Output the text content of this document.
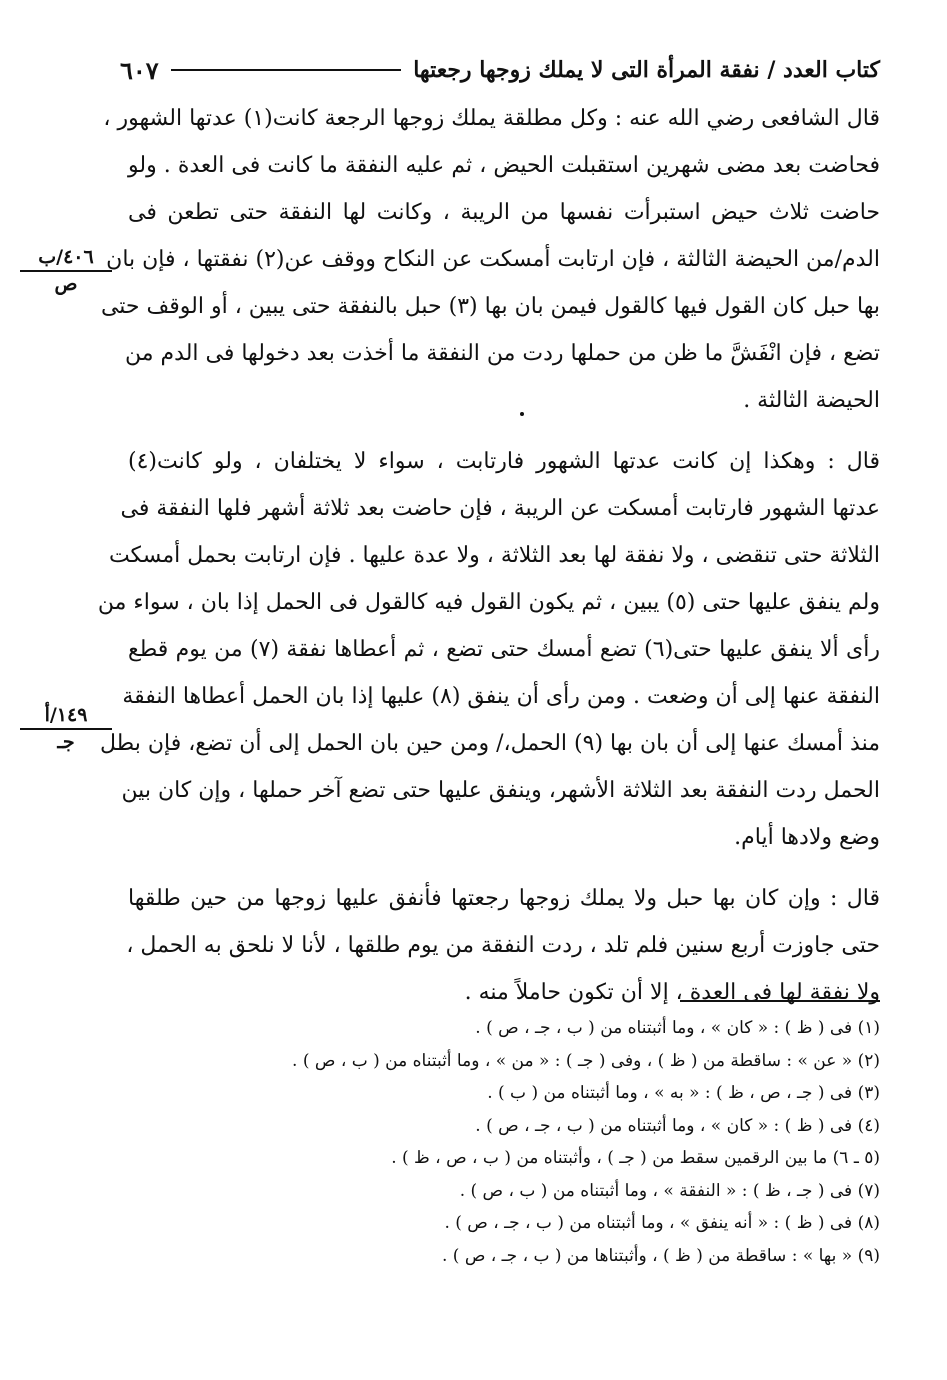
كتاب العدد / نفقة المرأة التى لا يملك زوجها رجعتها
٦٠٧
٤٠٦/ب
ص
١٤٩/أ
جـ
قال الشافعى رضي الله عنه : وكل مطلقة يملك زوجها الرجعة كانت(١) عدتها الشهور ،
فحاضت بعد مضى شهرين استقبلت الحيض ، ثم عليه النفقة ما كانت فى العدة . ولو
حاضت ثلاث حيض استبرأت نفسها من الريبة ، وكانت لها النفقة حتى تطعن فى
الدم/من الحيضة الثالثة ، فإن ارتابت أمسكت عن النكاح ووقف عن(٢) نفقتها ، فإن بان
بها حبل كان القول فيها كالقول فيمن بان بها (٣) حبل بالنفقة حتى يبين ، أو الوقف حتى
تضع ، فإن انْفَشَّ ما ظن من حملها ردت من النفقة ما أخذت بعد دخولها فى الدم من
الحيضة الثالثة .
قال : وهكذا إن كانت عدتها الشهور فارتابت ، سواء لا يختلفان ، ولو كانت(٤)
عدتها الشهور فارتابت أمسكت عن الريبة ، فإن حاضت بعد ثلاثة أشهر فلها النفقة فى
الثلاثة حتى تنقضى ، ولا نفقة لها بعد الثلاثة ، ولا عدة عليها . فإن ارتابت بحمل أمسكت
ولم ينفق عليها حتى (٥) يبين ، ثم يكون القول فيه كالقول فى الحمل إذا بان ، سواء من
رأى ألا ينفق عليها حتى(٦) تضع أمسك حتى تضع ، ثم أعطاها نفقة (٧) من يوم قطع
النفقة عنها إلى أن وضعت . ومن رأى أن ينفق (٨) عليها إذا بان الحمل أعطاها النفقة
منذ أمسك عنها إلى أن بان بها (٩) الحمل،/ ومن حين بان الحمل إلى أن تضع، فإن بطل
الحمل ردت النفقة بعد الثلاثة الأشهر، وينفق عليها حتى تضع آخر حملها ، وإن كان بين
وضع ولادها أيام.
قال : وإن كان بها حبل ولا يملك زوجها رجعتها فأنفق عليها زوجها من حين طلقها
حتى جاوزت أربع سنين فلم تلد ، ردت النفقة من يوم طلقها ، لأنا لا نلحق به الحمل ،
ولا نفقة لها فى العدة ، إلا أن تكون حاملاً منه .
(١) فى ( ظ ) : « كان » ، وما أثبتناه من ( ب ، جـ ، ص ) .
(٢) « عن » : ساقطة من ( ظ ) ، وفى ( جـ ) : « من » ، وما أثبتناه من ( ب ، ص ) .
(٣) فى ( جـ ، ص ، ظ ) : « به » ، وما أثبتناه من ( ب ) .
(٤) فى ( ظ ) : « كان » ، وما أثبتناه من ( ب ، جـ ، ص ) .
(٥ ـ ٦) ما بين الرقمين سقط من ( جـ ) ، وأثبتناه من ( ب ، ص ، ظ ) .
(٧) فى ( جـ ، ظ ) : « النفقة » ، وما أثبتناه من ( ب ، ص ) .
(٨) فى ( ظ ) : « أنه ينفق » ، وما أثبتناه من ( ب ، جـ ، ص ) .
(٩) « بها » : ساقطة من ( ظ ) ، وأثبتناها من ( ب ، جـ ، ص ) .
